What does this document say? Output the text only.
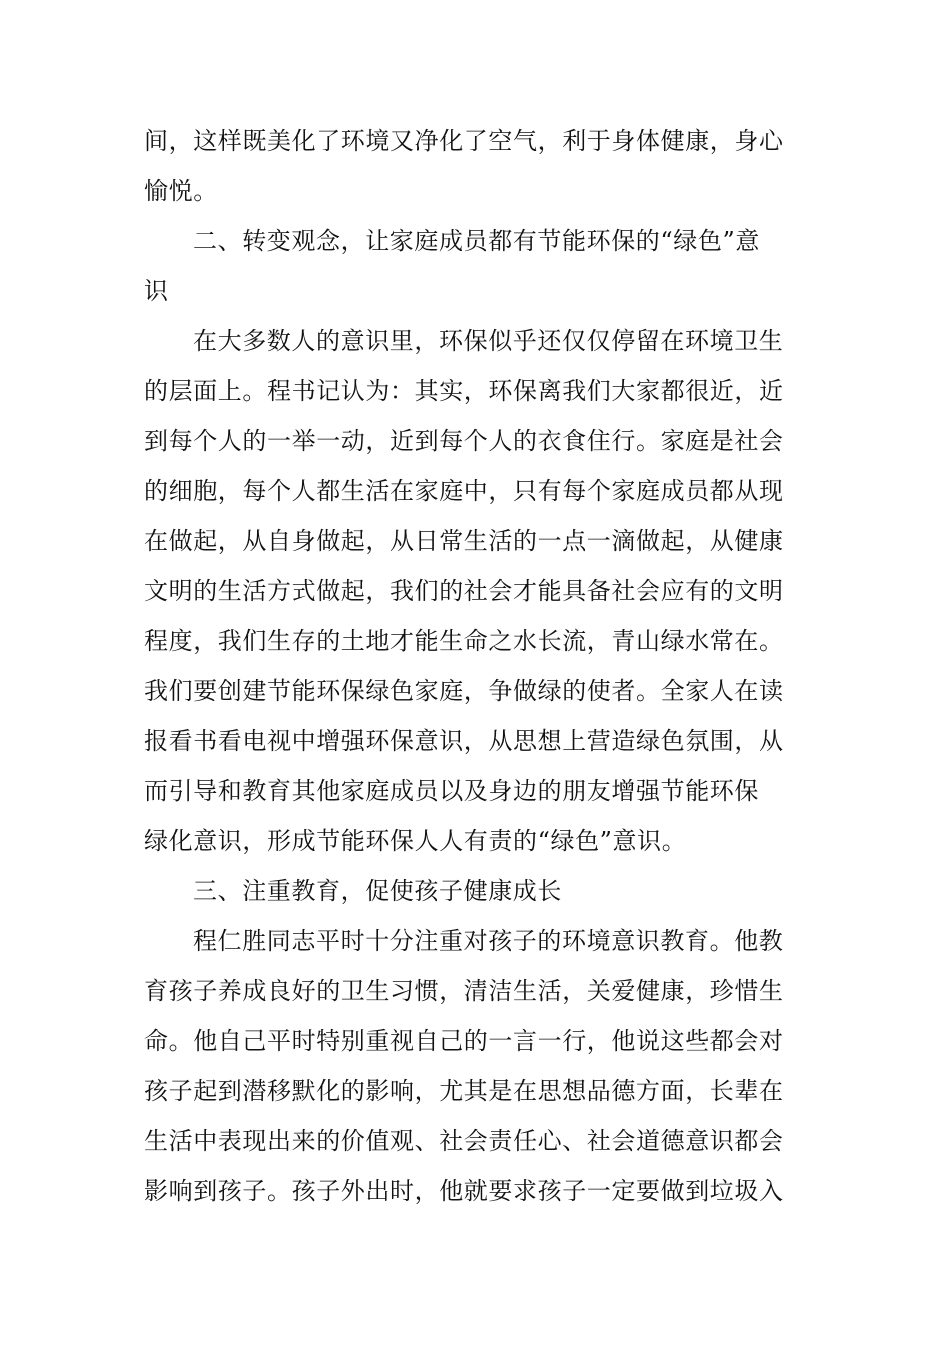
间，这样既美化了环境又净化了空气，利于身体健康，身心
愉悦。
二、转变观念，让家庭成员都有节能环保的“绿色”意
识
在大多数人的意识里，环保似乎还仅仅停留在环境卫生
的层面上。程书记认为：其实，环保离我们大家都很近，近
到每个人的一举一动，近到每个人的衣食住行。家庭是社会
的细胞，每个人都生活在家庭中，只有每个家庭成员都从现
在做起，从自身做起，从日常生活的一点一滴做起，从健康
文明的生活方式做起，我们的社会才能具备社会应有的文明
程度，我们生存的土地才能生命之水长流，青山绿水常在。
我们要创建节能环保绿色家庭，争做绿的使者。全家人在读
报看书看电视中增强环保意识，从思想上营造绿色氛围，从
而引导和教育其他家庭成员以及身边的朋友增强节能环保
绿化意识，形成节能环保人人有责的“绿色”意识。
三、注重教育，促使孩子健康成长
程仁胜同志平时十分注重对孩子的环境意识教育。他教
育孩子养成良好的卫生习惯，清洁生活，关爱健康，珍惜生
命。他自己平时特别重视自己的一言一行，他说这些都会对
孩子起到潜移默化的影响，尤其是在思想品德方面，长辈在
生活中表现出来的价值观、社会责任心、社会道德意识都会
影响到孩子。孩子外出时，他就要求孩子一定要做到垃圾入
